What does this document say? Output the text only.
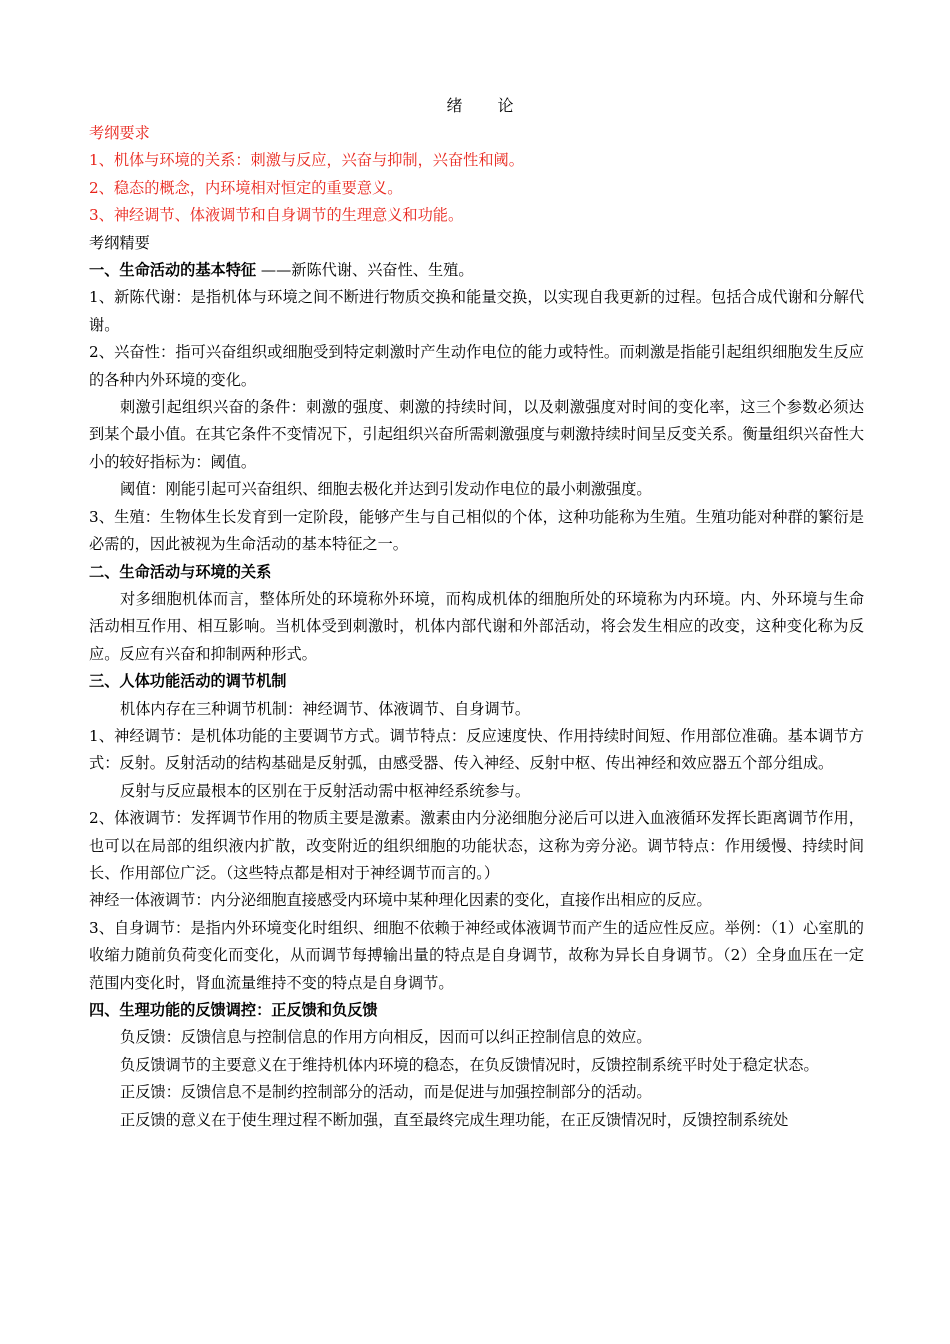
绪　　论

考纲要求

1、机体与环境的关系：刺激与反应，兴奋与抑制，兴奋性和阈。

2、稳态的概念，内环境相对恒定的重要意义。

3、神经调节、体液调节和自身调节的生理意义和功能。

考纲精要

一、生命活动的基本特征 ——新陈代谢、兴奋性、生殖。

1、新陈代谢：是指机体与环境之间不断进行物质交换和能量交换，以实现自我更新的过程。包括合成代谢和分解代谢。

2、兴奋性：指可兴奋组织或细胞受到特定刺激时产生动作电位的能力或特性。而刺激是指能引起组织细胞发生反应的各种内外环境的变化。

刺激引起组织兴奋的条件：刺激的强度、刺激的持续时间，以及刺激强度对时间的变化率，这三个参数必须达到某个最小值。在其它条件不变情况下，引起组织兴奋所需刺激强度与刺激持续时间呈反变关系。衡量组织兴奋性大小的较好指标为：阈值。

阈值：刚能引起可兴奋组织、细胞去极化并达到引发动作电位的最小刺激强度。

3、生殖：生物体生长发育到一定阶段，能够产生与自己相似的个体，这种功能称为生殖。生殖功能对种群的繁衍是必需的，因此被视为生命活动的基本特征之一。

二、生命活动与环境的关系

对多细胞机体而言，整体所处的环境称外环境，而构成机体的细胞所处的环境称为内环境。内、外环境与生命活动相互作用、相互影响。当机体受到刺激时，机体内部代谢和外部活动，将会发生相应的改变，这种变化称为反应。反应有兴奋和抑制两种形式。

三、人体功能活动的调节机制

机体内存在三种调节机制：神经调节、体液调节、自身调节。

1、神经调节：是机体功能的主要调节方式。调节特点：反应速度快、作用持续时间短、作用部位准确。基本调节方式：反射。反射活动的结构基础是反射弧，由感受器、传入神经、反射中枢、传出神经和效应器五个部分组成。

反射与反应最根本的区别在于反射活动需中枢神经系统参与。

2、体液调节：发挥调节作用的物质主要是激素。激素由内分泌细胞分泌后可以进入血液循环发挥长距离调节作用，也可以在局部的组织液内扩散，改变附近的组织细胞的功能状态，这称为旁分泌。调节特点：作用缓慢、持续时间长、作用部位广泛。（这些特点都是相对于神经调节而言的。）

神经一体液调节：内分泌细胞直接感受内环境中某种理化因素的变化，直接作出相应的反应。

3、自身调节：是指内外环境变化时组织、细胞不依赖于神经或体液调节而产生的适应性反应。举例：（1）心室肌的收缩力随前负荷变化而变化，从而调节每搏输出量的特点是自身调节，故称为异长自身调节。（2）全身血压在一定范围内变化时，肾血流量维持不变的特点是自身调节。

四、生理功能的反馈调控：正反馈和负反馈

负反馈：反馈信息与控制信息的作用方向相反，因而可以纠正控制信息的效应。

负反馈调节的主要意义在于维持机体内环境的稳态，在负反馈情况时，反馈控制系统平时处于稳定状态。

正反馈：反馈信息不是制约控制部分的活动，而是促进与加强控制部分的活动。

正反馈的意义在于使生理过程不断加强，直至最终完成生理功能，在正反馈情况时，反馈控制系统处
